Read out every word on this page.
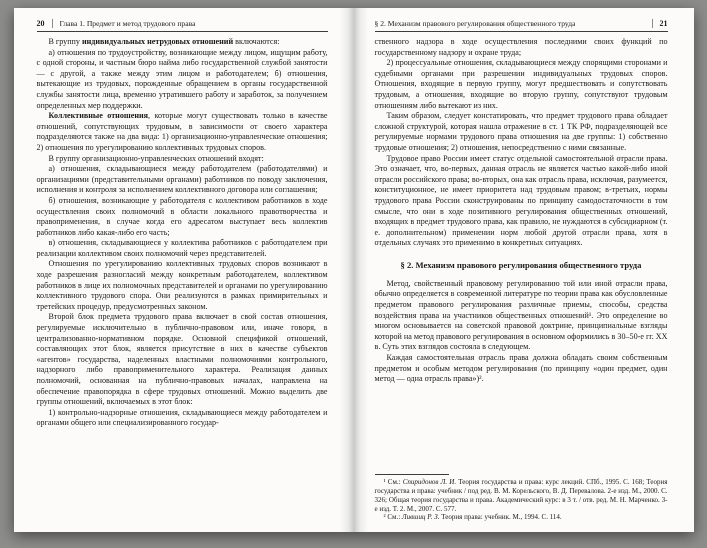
20	Глава 1. Предмет и метод трудового права

В группу индивидуальных нетрудовых отношений включаются:

а) отношения по трудоустройству, возникающие между лицом, ищущим работу, с одной стороны, и частным бюро найма либо государственной службой занятости — с другой, а также между этим лицом и работодателем; б) отношения, вытекающие из трудовых, порожденные обращением в органы государственной службы занятости лица, временно утратившего работу и заработок, за получением определенных мер поддержки.

Коллективные отношения, которые могут существовать только в качестве отношений, сопутствующих трудовым, в зависимости от своего характера подразделяются также на два вида: 1) организационно-управленческие отношения; 2) отношения по урегулированию коллективных трудовых споров.

В группу организационно-управленческих отношений входят:

а) отношения, складывающиеся между работодателем (работодателями) и организациями (представительными органами) работников по поводу заключения, исполнения и контроля за исполнением коллективного договора или соглашения;

б) отношения, возникающие у работодателя с коллективом работников в ходе осуществления своих полномочий в области локального правотворчества и правоприменения, в случае когда его адресатом выступает весь коллектив работников либо какая-либо его часть;

в) отношения, складывающиеся у коллектива работников с работодателем при реализации коллективом своих полномочий через представителей.

Отношения по урегулированию коллективных трудовых споров возникают в ходе разрешения разногласий между конкретным работодателем, коллективом работников в лице их полномочных представителей и органами по урегулированию коллективного трудового спора. Они реализуются в рамках примирительных и третейских процедур, предусмотренных законом.

Второй блок предмета трудового права включает в свой состав отношения, регулируемые исключительно в публично-правовом или, иначе говоря, в централизованно-нормативном порядке. Основной спецификой отношений, составляющих этот блок, является присутствие в них в качестве субъектов «агентов» государства, наделенных властными полномочиями контрольного, надзорного либо правоприменительного характера. Реализация данных полномочий, основанная на публично-правовых началах, направлена на обеспечение правопорядка в сфере трудовых отношений. Можно выделить две группы отношений, включаемых в этот блок:

1) контрольно-надзорные отношения, складывающиеся между работодателем и органами общего или специализированного государ-

§ 2. Механизм правового регулирования общественного труда	21

ственного надзора в ходе осуществления последними своих функций по государственному надзору и охране труда;

2) процессуальные отношения, складывающиеся между спорящими сторонами и судебными органами при разрешении индивидуальных трудовых споров. Отношения, входящие в первую группу, могут предшествовать и сопутствовать трудовым, а отношения, входящие во вторую группу, сопутствуют трудовым отношениям либо вытекают из них.

Таким образом, следует констатировать, что предмет трудового права обладает сложной структурой, которая нашла отражение в ст. 1 ТК РФ, подразделяющей все регулируемые нормами трудового права отношения на две группы: 1) собственно трудовые отношения; 2) отношения, непосредственно с ними связанные.

Трудовое право России имеет статус отдельной самостоятельной отрасли права. Это означает, что, во-первых, данная отрасль не является частью какой-либо иной отрасли российского права; во-вторых, она как отрасль права, исключая, разумеется, конституционное, не имеет приоритета над трудовым правом; в-третьих, нормы трудового права России сконструированы по принципу самодостаточности в том смысле, что они в ходе позитивного регулирования общественных отношений, входящих в предмет трудового права, как правило, не нуждаются в субсидиарном (т. е. дополнительном) применении норм любой другой отрасли права, хотя в отдельных случаях это применимо в конкретных ситуациях.

§ 2. Механизм правового регулирования общественного труда

Метод, свойственный правовому регулированию той или иной отрасли права, обычно определяется в современной литературе по теории права как обусловленные предметом правового регулирования различные приемы, способы, средства воздействия права на участников общественных отношений¹. Это определение во многом основывается на советской правовой доктрине, принципиальные взгляды которой на метод правового регулирования в основном оформились в 30–50-е гг. XX в. Суть этих взглядов состояла в следующем.

Каждая самостоятельная отрасль права должна обладать своим собственным предметом и особым методом регулирования (по принципу «один предмет, один метод — одна отрасль права»)².

¹ См.: Спиридонов Л. И. Теория государства и права: курс лекций. СПб., 1995. С. 168; Теория государства и права: учебник / под ред. В. М. Корельского, В. Д. Перевалова. 2-е изд. М., 2000. С. 326; Общая теория государства и права. Академический курс: в 3 т. / отв. ред. М. Н. Марченко. 3-е изд. Т. 2. М., 2007. С. 577.

² См.: Лившиц Р. З. Теория права: учебник. М., 1994. С. 114.
